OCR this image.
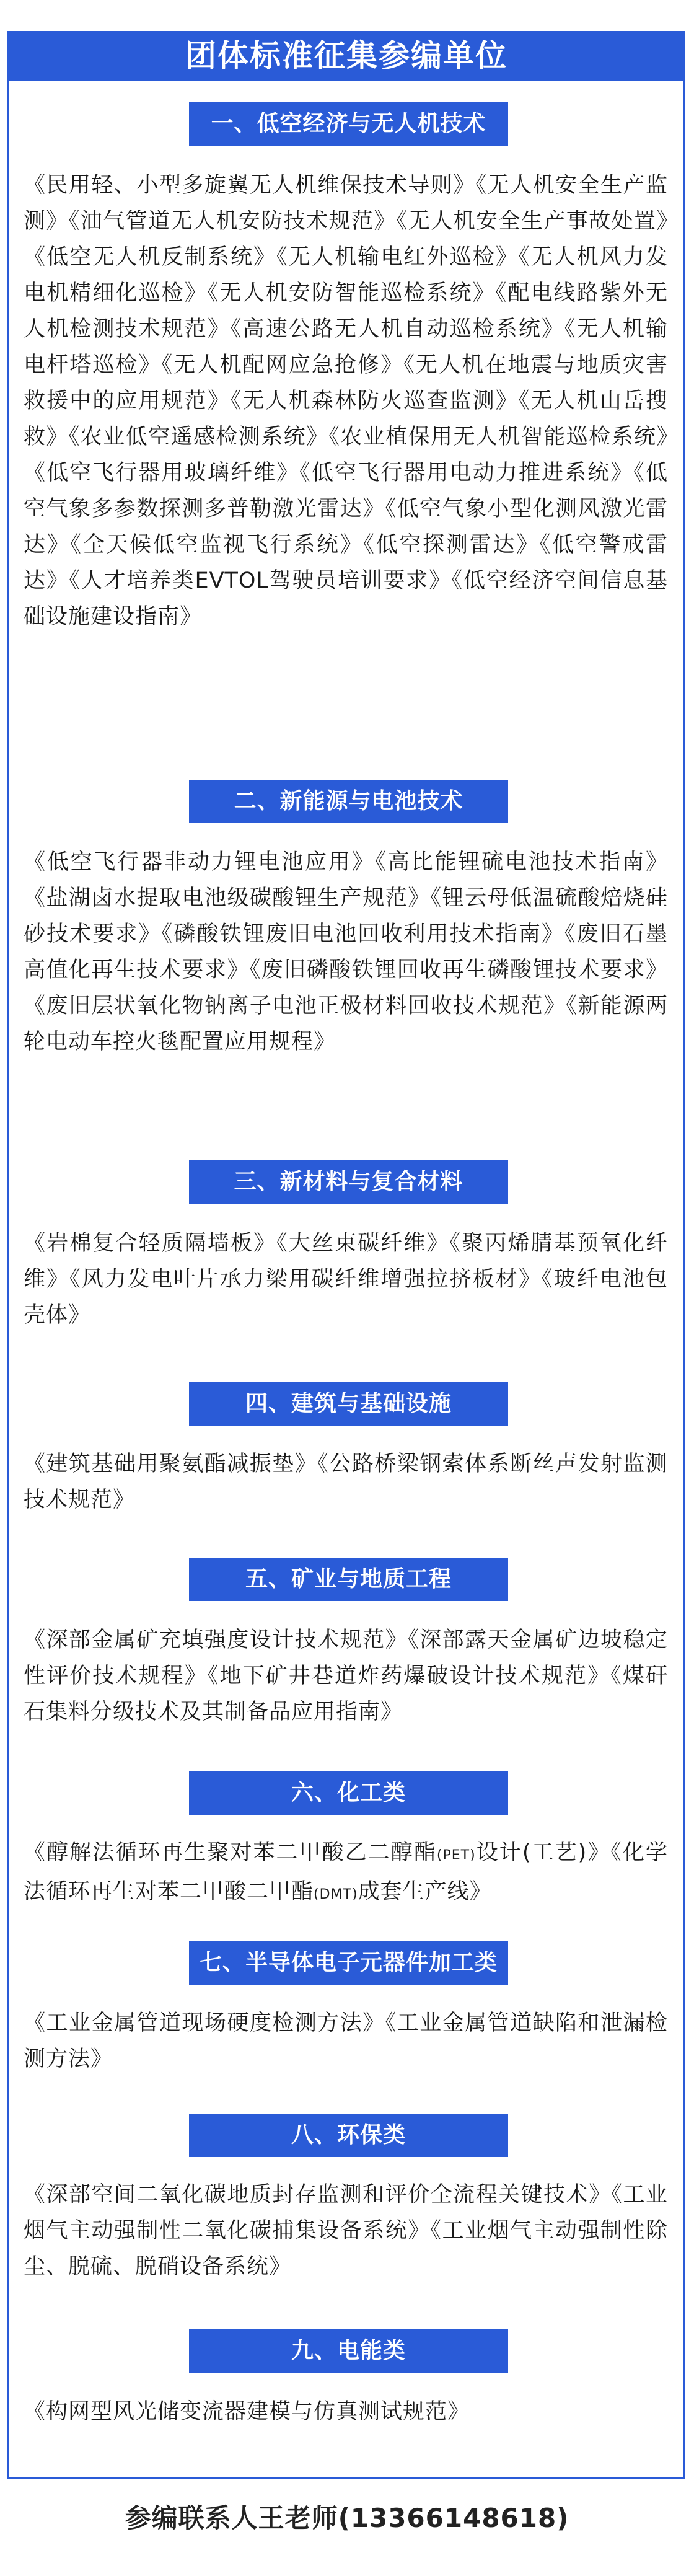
团体标准征集参编单位
一、低空经济与无人机技术
《民用轻、小型多旋翼无人机维保技术导则》《无人机安全生产监测》《油气管道无人机安防技术规范》《无人机安全生产事故处置》《低空无人机反制系统》《无人机输电红外巡检》《无人机风力发电机精细化巡检》《无人机安防智能巡检系统》《配电线路紫外无人机检测技术规范》《高速公路无人机自动巡检系统》《无人机输电杆塔巡检》《无人机配网应急抢修》《无人机在地震与地质灾害救援中的应用规范》《无人机森林防火巡查监测》《无人机山岳搜救》《农业低空遥感检测系统》《农业植保用无人机智能巡检系统》《低空飞行器用玻璃纤维》《低空飞行器用电动力推进系统》《低空气象多参数探测多普勒激光雷达》《低空气象小型化测风激光雷达》《全天候低空监视飞行系统》《低空探测雷达》《低空警戒雷达》《人才培养类EVTOL驾驶员培训要求》《低空经济空间信息基础设施建设指南》
二、新能源与电池技术
《低空飞行器非动力锂电池应用》《高比能锂硫电池技术指南》《盐湖卤水提取电池级碳酸锂生产规范》《锂云母低温硫酸焙烧硅砂技术要求》《磷酸铁锂废旧电池回收利用技术指南》《废旧石墨高值化再生技术要求》《废旧磷酸铁锂回收再生磷酸锂技术要求》《废旧层状氧化物钠离子电池正极材料回收技术规范》《新能源两轮电动车控火毯配置应用规程》
三、新材料与复合材料
《岩棉复合轻质隔墙板》《大丝束碳纤维》《聚丙烯腈基预氧化纤维》《风力发电叶片承力梁用碳纤维增强拉挤板材》《玻纤电池包壳体》
四、建筑与基础设施
《建筑基础用聚氨酯减振垫》《公路桥梁钢索体系断丝声发射监测技术规范》
五、矿业与地质工程
《深部金属矿充填强度设计技术规范》《深部露天金属矿边坡稳定性评价技术规程》《地下矿井巷道炸药爆破设计技术规范》《煤矸石集料分级技术及其制备品应用指南》
六、化工类
《醇解法循环再生聚对苯二甲酸乙二醇酯(PET)设计(工艺)》《化学法循环再生对苯二甲酸二甲酯(DMT)成套生产线》
七、半导体电子元器件加工类
《工业金属管道现场硬度检测方法》《工业金属管道缺陷和泄漏检测方法》
八、环保类
《深部空间二氧化碳地质封存监测和评价全流程关键技术》《工业烟气主动强制性二氧化碳捕集设备系统》《工业烟气主动强制性除尘、脱硫、脱硝设备系统》
九、电能类
《构网型风光储变流器建模与仿真测试规范》
参编联系人王老师(13366148618)
